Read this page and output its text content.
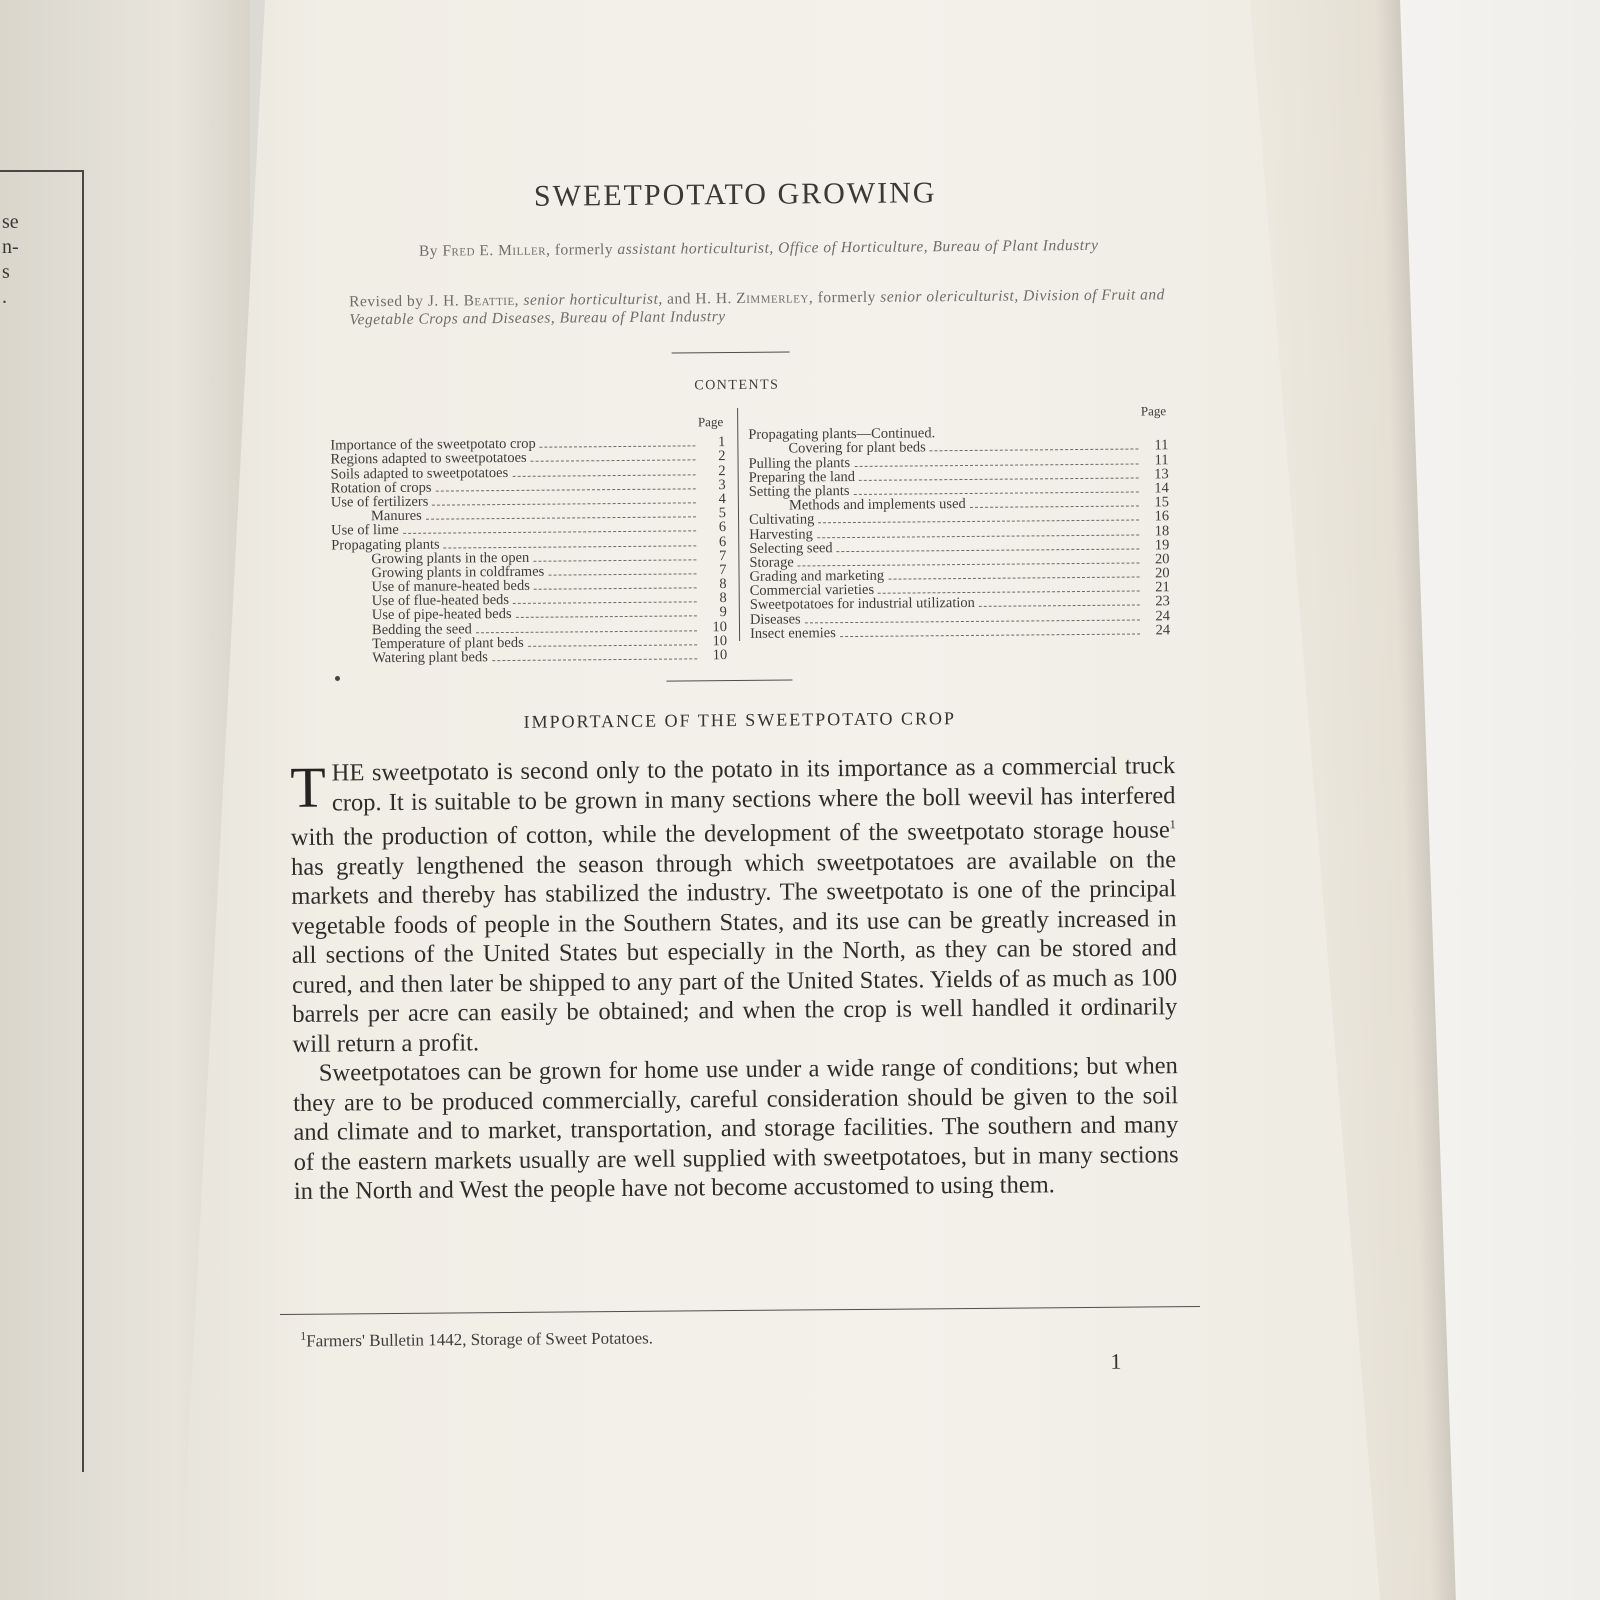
se
n-
s
.
SWEETPOTATO GROWING
By Fred E. Miller, formerly assistant horticulturist, Office of Horticulture, Bureau of Plant Industry
Revised by J. H. Beattie, senior horticulturist, and H. H. Zimmerley, formerly senior olericulturist, Division of Fruit and Vegetable Crops and Diseases, Bureau of Plant Industry
CONTENTS
Page
Importance of the sweetpotato crop	1
Regions adapted to sweetpotatoes	2
Soils adapted to sweetpotatoes	2
Rotation of crops	3
Use of fertilizers	4
Manures	5
Use of lime	6
Propagating plants	6
Growing plants in the open	7
Growing plants in coldframes	7
Use of manure-heated beds	8
Use of flue-heated beds	8
Use of pipe-heated beds	9
Bedding the seed	10
Temperature of plant beds	10
Watering plant beds	10
Page
Propagating plants—Continued.
Covering for plant beds	11
Pulling the plants	11
Preparing the land	13
Setting the plants	14
Methods and implements used	15
Cultivating	16
Harvesting	18
Selecting seed	19
Storage	20
Grading and marketing	20
Commercial varieties	21
Sweetpotatoes for industrial utilization	23
Diseases	24
Insect enemies	24
IMPORTANCE OF THE SWEETPOTATO CROP

THE sweetpotato is second only to the potato in its importance as a commercial truck crop. It is suitable to be grown in many sections where the boll weevil has interfered with the production of cotton, while the development of the sweetpotato storage house$^1$ has greatly lengthened the season through which sweetpotatoes are available on the markets and thereby has stabilized the industry. The sweetpotato is one of the principal vegetable foods of people in the Southern States, and its use can be greatly increased in all sections of the United States but especially in the North, as they can be stored and cured, and then later be shipped to any part of the United States. Yields of as much as 100 barrels per acre can easily be obtained; and when the crop is well handled it ordinarily will return a profit.

Sweetpotatoes can be grown for home use under a wide range of conditions; but when they are to be produced commercially, careful consideration should be given to the soil and climate and to market, transportation, and storage facilities. The southern and many of the eastern markets usually are well supplied with sweetpotatoes, but in many sections in the North and West the people have not become accustomed to using them.

$^1$Farmers' Bulletin 1442, Storage of Sweet Potatoes.
1
